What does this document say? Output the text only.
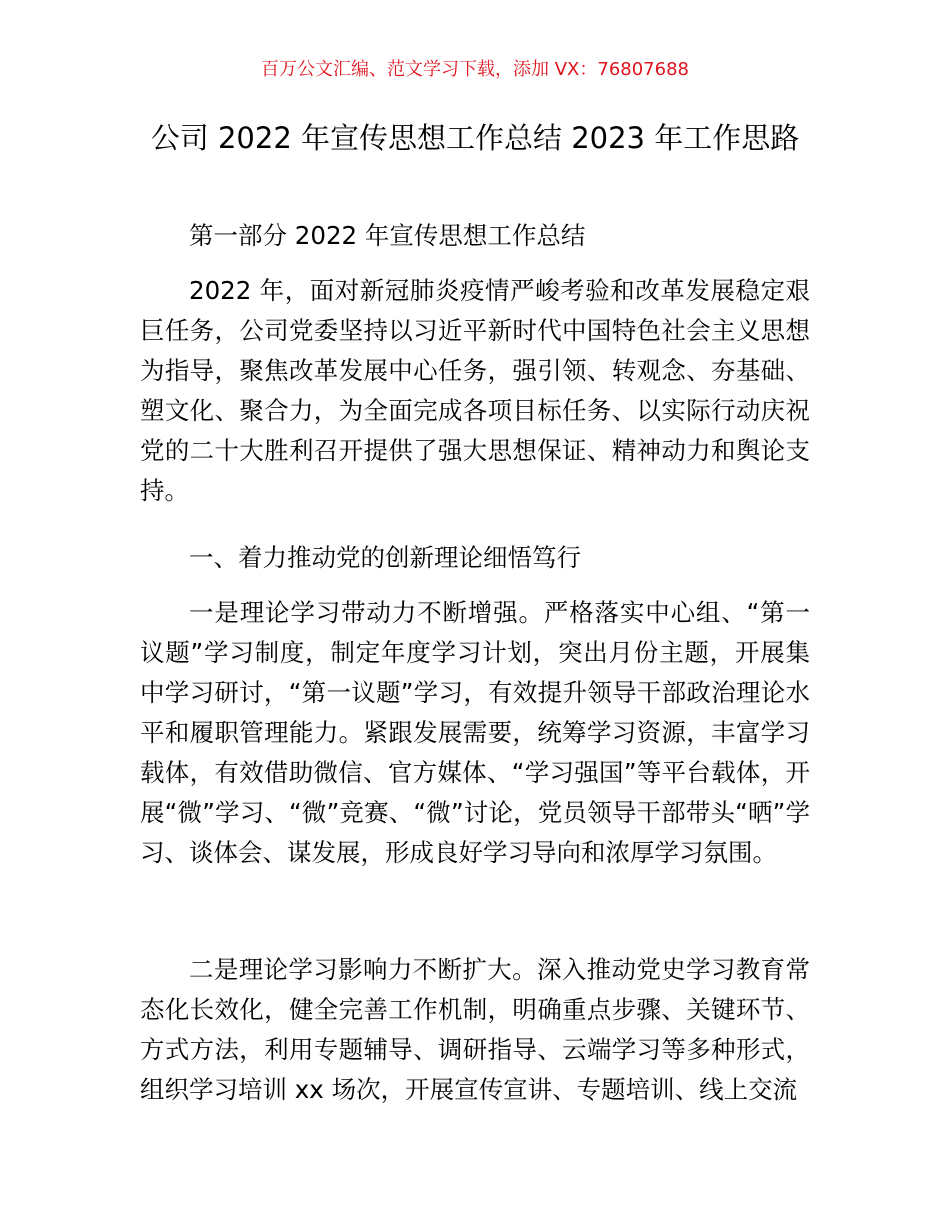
百万公文汇编、范文学习下载，添加 VX：76807688
公司 2022 年宣传思想工作总结 2023 年工作思路

第一部分 2022 年宣传思想工作总结

2022 年，面对新冠肺炎疫情严峻考验和改革发展稳定艰巨任务，公司党委坚持以习近平新时代中国特色社会主义思想为指导，聚焦改革发展中心任务，强引领、转观念、夯基础、塑文化、聚合力，为全面完成各项目标任务、以实际行动庆祝党的二十大胜利召开提供了强大思想保证、精神动力和舆论支持。

一、着力推动党的创新理论细悟笃行

一是理论学习带动力不断增强。严格落实中心组、“第一议题”学习制度，制定年度学习计划，突出月份主题，开展集中学习研讨，“第一议题”学习，有效提升领导干部政治理论水平和履职管理能力。紧跟发展需要，统筹学习资源，丰富学习载体，有效借助微信、官方媒体、“学习强国”等平台载体，开展“微”学习、“微”竞赛、“微”讨论，党员领导干部带头“晒”学习、谈体会、谋发展，形成良好学习导向和浓厚学习氛围。

二是理论学习影响力不断扩大。深入推动党史学习教育常态化长效化，健全完善工作机制，明确重点步骤、关键环节、方式方法，利用专题辅导、调研指导、云端学习等多种形式，组织学习培训 xx 场次，开展宣传宣讲、专题培训、线上交流
